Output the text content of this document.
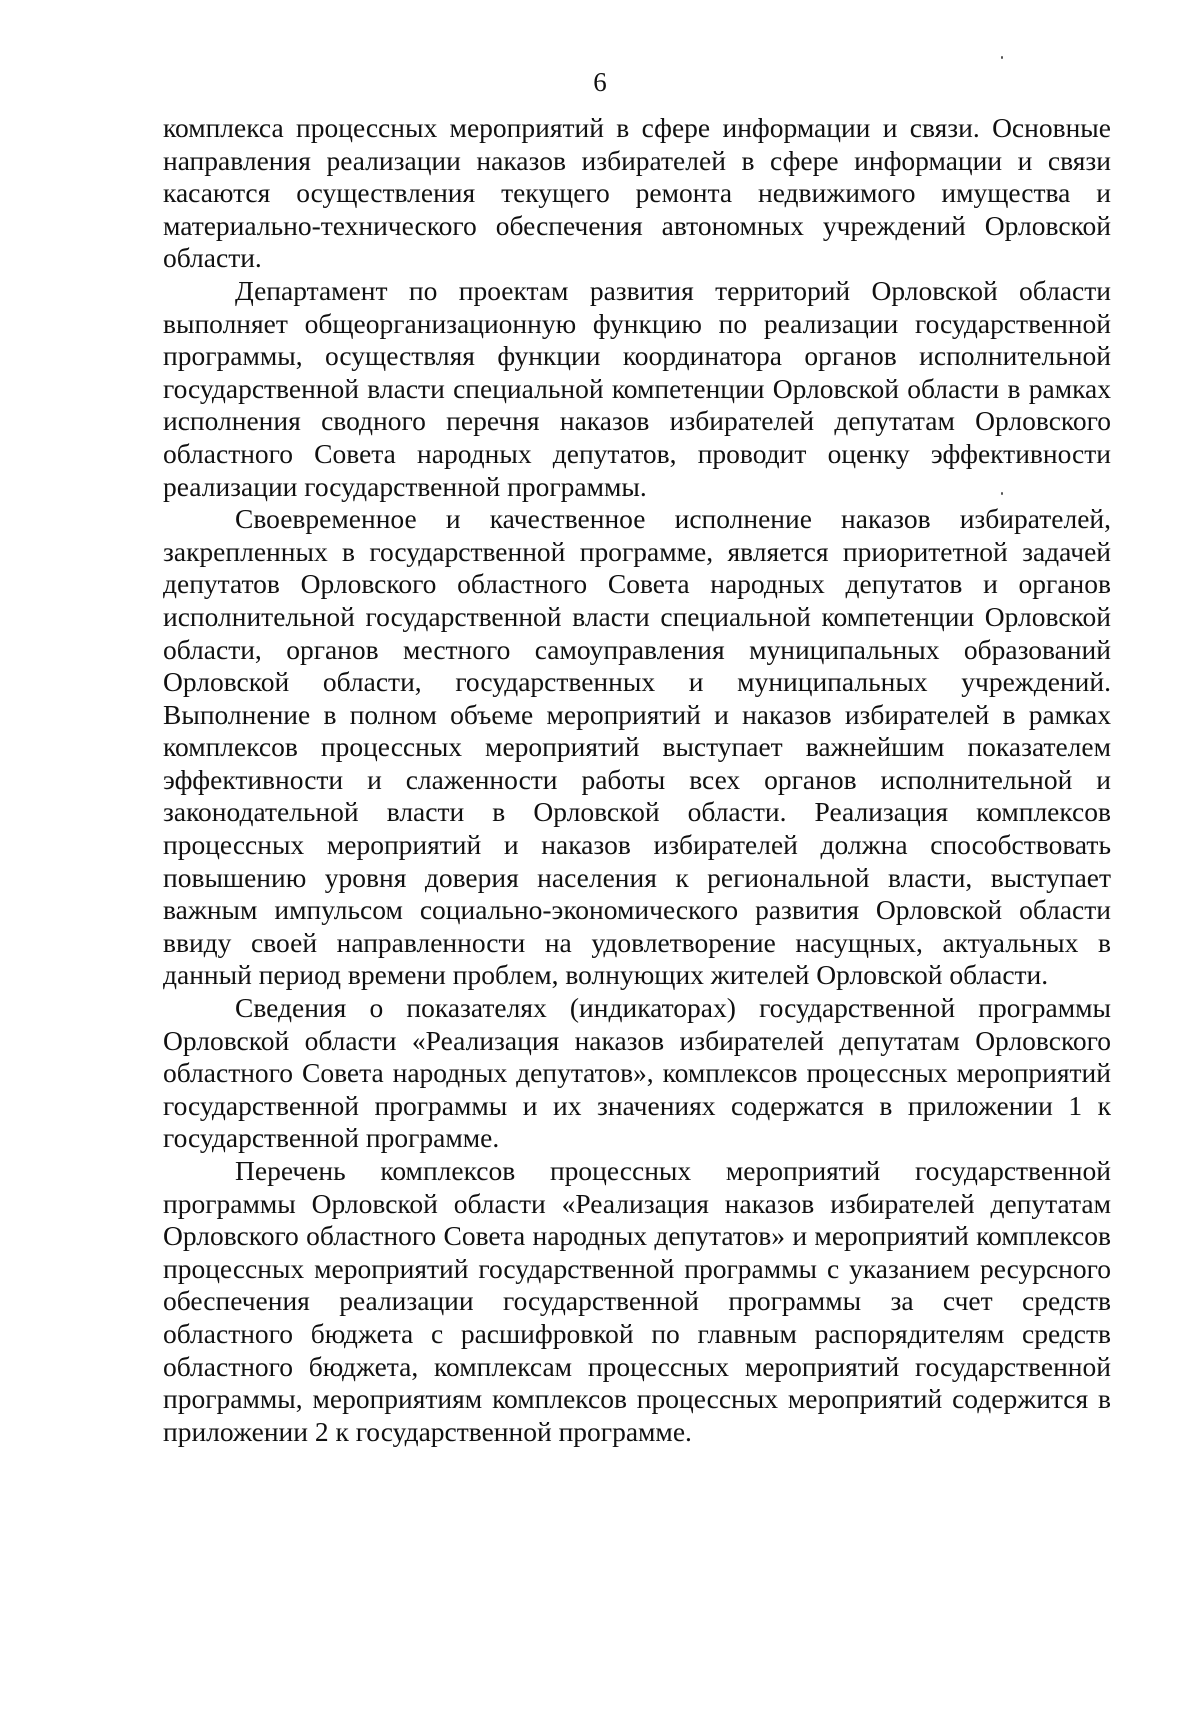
6

комплекса процессных мероприятий в сфере информации и связи. Основные направления реализации наказов избирателей в сфере информации и связи касаются осуществления текущего ремонта недвижимого имущества и материально-технического обеспечения автономных учреждений Орловской области.

Департамент по проектам развития территорий Орловской области выполняет общеорганизационную функцию по реализации государственной программы, осуществляя функции координатора органов исполнительной государственной власти специальной компетенции Орловской области в рамках исполнения сводного перечня наказов избирателей депутатам Орловского областного Совета народных депутатов, проводит оценку эффективности реализации государственной программы.

Своевременное и качественное исполнение наказов избирателей, закрепленных в государственной программе, является приоритетной задачей депутатов Орловского областного Совета народных депутатов и органов исполнительной государственной власти специальной компетенции Орловской области, органов местного самоуправления муниципальных образований Орловской области, государственных и муниципальных учреждений. Выполнение в полном объеме мероприятий и наказов избирателей в рамках комплексов процессных мероприятий выступает важнейшим показателем эффективности и слаженности работы всех органов исполнительной и законодательной власти в Орловской области. Реализация комплексов процессных мероприятий и наказов избирателей должна способствовать повышению уровня доверия населения к региональной власти, выступает важным импульсом социально-экономического развития Орловской области ввиду своей направленности на удовлетворение насущных, актуальных в данный период времени проблем, волнующих жителей Орловской области.

Сведения о показателях (индикаторах) государственной программы Орловской области «Реализация наказов избирателей депутатам Орловского областного Совета народных депутатов», комплексов процессных мероприятий государственной программы и их значениях содержатся в приложении 1 к государственной программе.

Перечень комплексов процессных мероприятий государственной программы Орловской области «Реализация наказов избирателей депутатам Орловского областного Совета народных депутатов» и мероприятий комплексов процессных мероприятий государственной программы с указанием ресурсного обеспечения реализации государственной программы за счет средств областного бюджета с расшифровкой по главным распорядителям средств областного бюджета, комплексам процессных мероприятий государственной программы, мероприятиям комплексов процессных мероприятий содержится в приложении 2 к государственной программе.
